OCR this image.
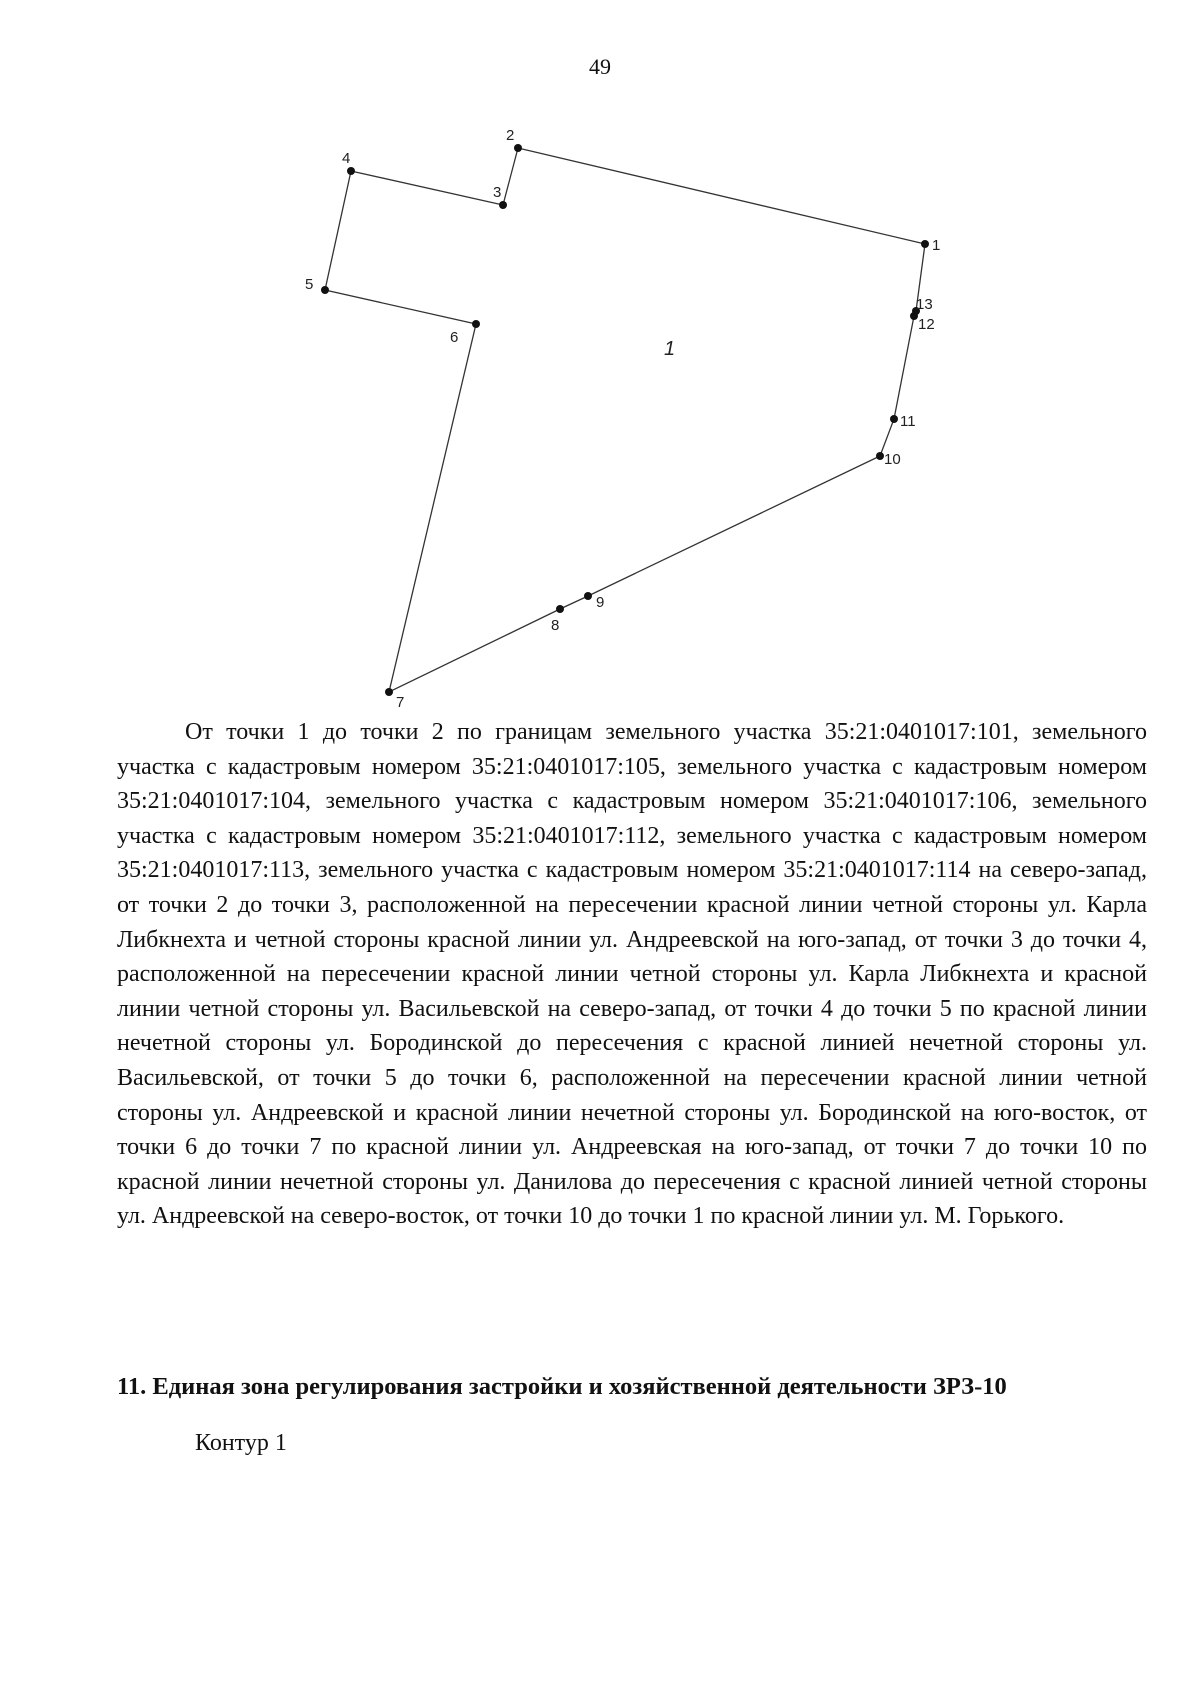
49
1
2
3
4
5
6
7
8
9
10
11
12
13
1

От точки 1 до точки 2 по границам земельного участка 35:21:0401017:101, земельного участка с кадастровым номером 35:21:0401017:105, земельного участка с кадастровым номером 35:21:0401017:104, земельного участка с кадастровым номером 35:21:0401017:106, земельного участка с кадастровым номером 35:21:0401017:112, земельного участка с кадастровым номером 35:21:0401017:113, земельного участка с кадастровым номером 35:21:0401017:114 на северо-запад, от точки 2 до точки 3, расположенной на пересечении красной линии четной стороны ул. Карла Либкнехта и четной стороны красной линии ул. Андреевской на юго-запад, от точки 3 до точки 4, расположенной на пересечении красной линии четной стороны ул. Карла Либкнехта и красной линии четной стороны ул. Васильевской на северо-запад, от точки 4 до точки 5 по красной линии нечетной стороны ул. Бородинской до пересечения с красной линией нечетной стороны ул. Васильевской, от точки 5 до точки 6, расположенной на пересечении красной линии четной стороны ул. Андреевской и красной линии нечетной стороны ул. Бородинской на юго-восток, от точки 6 до точки 7 по красной линии ул. Андреевская на юго-запад, от точки 7 до точки 10 по красной линии нечетной стороны ул. Данилова до пересечения с красной линией четной стороны ул. Андреевской на северо-восток, от точки 10 до точки 1 по красной линии ул. М. Горького.

11. Единая зона регулирования застройки и хозяйственной деятельности ЗРЗ-10

Контур 1
